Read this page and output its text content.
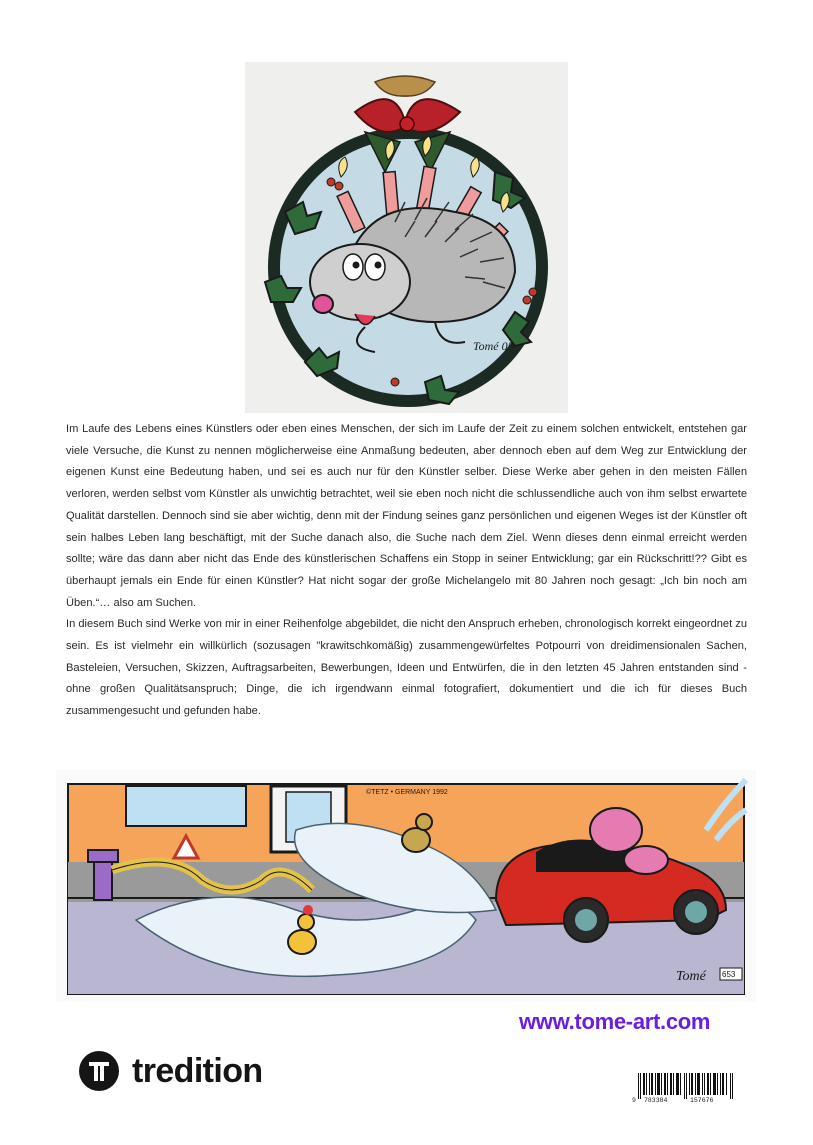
Tomé 05

Im Laufe des Lebens eines Künstlers oder eben eines Menschen, der sich im Laufe der Zeit zu einem solchen entwickelt, entstehen gar viele Versuche, die Kunst zu nennen möglicherweise eine Anmaßung bedeuten, aber dennoch eben auf dem Weg zur Entwicklung der eigenen Kunst eine Bedeutung haben, und sei es auch nur für den Künstler selber. Diese Werke aber gehen in den meisten Fällen verloren, werden selbst vom Künstler als unwichtig betrachtet, weil sie eben noch nicht die schlussendliche auch von ihm selbst erwartete Qualität darstellen. Dennoch sind sie aber wichtig, denn mit der Findung seines ganz persönlichen und eigenen Weges ist der Künstler oft sein halbes Leben lang beschäftigt, mit der Suche danach also, die Suche nach dem Ziel. Wenn dieses denn einmal erreicht werden sollte; wäre das dann aber nicht das Ende des künstlerischen Schaffens ein Stopp in seiner Entwicklung; gar ein Rückschritt!?? Gibt es überhaupt jemals ein Ende für einen Künstler? Hat nicht sogar der große Michelangelo mit 80 Jahren noch gesagt: „Ich bin noch am Üben.“… also am Suchen.

In diesem Buch sind Werke von mir in einer Reihenfolge abgebildet, die nicht den Anspruch erheben, chronologisch korrekt eingeordnet zu sein. Es ist vielmehr ein willkürlich (sozusagen "krawitschkomäßig) zusammengewürfeltes Potpourri von dreidimensionalen Sachen, Basteleien, Versuchen, Skizzen, Auftragsarbeiten, Bewerbungen, Ideen und Entwürfen, die in den letzten 45 Jahren entstanden sind - ohne großen Qualitätsanspruch; Dinge, die ich irgendwann einmal fotografiert, dokumentiert und die ich für dieses Buch zusammengesucht und gefunden habe.

©TETZ • GERMANY 1992
Tomé 653
www.tome-art.com
tredition
9 783384	157676
